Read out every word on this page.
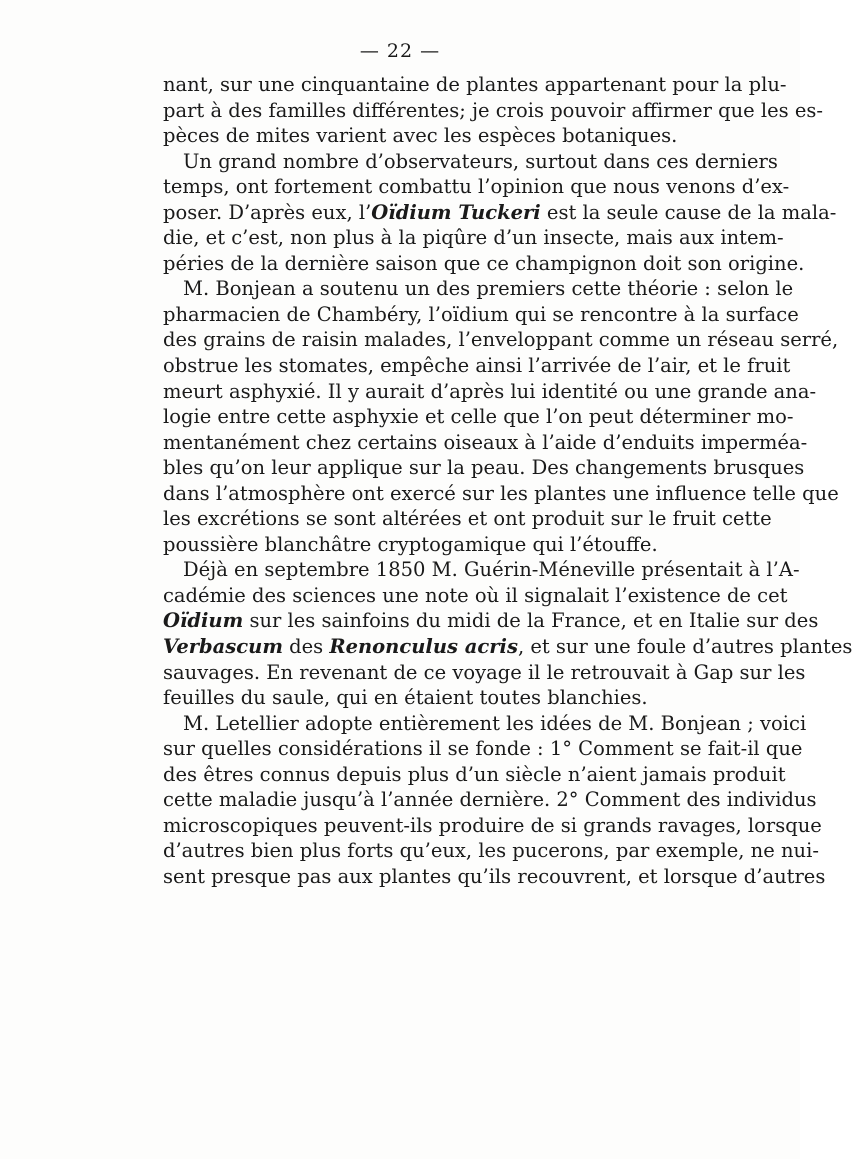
— 22 —
nant, sur une cinquantaine de plantes appartenant pour la plu-
part à des familles différentes; je crois pouvoir affirmer que les es-
pèces de mites varient avec les espèces botaniques.
Un grand nombre d’observateurs, surtout dans ces derniers
temps, ont fortement combattu l’opinion que nous venons d’ex-
poser. D’après eux, l’Oïdium Tuckeri est la seule cause de la mala-
die, et c’est, non plus à la piqûre d’un insecte, mais aux intem-
péries de la dernière saison que ce champignon doit son origine.
M. Bonjean a soutenu un des premiers cette théorie : selon le
pharmacien de Chambéry, l’oïdium qui se rencontre à la surface
des grains de raisin malades, l’enveloppant comme un réseau serré,
obstrue les stomates, empêche ainsi l’arrivée de l’air, et le fruit
meurt asphyxié. Il y aurait d’après lui identité ou une grande ana-
logie entre cette asphyxie et celle que l’on peut déterminer mo-
mentanément chez certains oiseaux à l’aide d’enduits imperméa-
bles qu’on leur applique sur la peau. Des changements brusques
dans l’atmosphère ont exercé sur les plantes une influence telle que
les excrétions se sont altérées et ont produit sur le fruit cette
poussière blanchâtre cryptogamique qui l’étouffe.
Déjà en septembre 1850 M. Guérin-Méneville présentait à l’A-
cadémie des sciences une note où il signalait l’existence de cet
Oïdium sur les sainfoins du midi de la France, et en Italie sur des
Verbascum des Renonculus acris, et sur une foule d’autres plantes
sauvages. En revenant de ce voyage il le retrouvait à Gap sur les
feuilles du saule, qui en étaient toutes blanchies.
M. Letellier adopte entièrement les idées de M. Bonjean ; voici
sur quelles considérations il se fonde : 1° Comment se fait-il que
des êtres connus depuis plus d’un siècle n’aient jamais produit
cette maladie jusqu’à l’année dernière. 2° Comment des individus
microscopiques peuvent-ils produire de si grands ravages, lorsque
d’autres bien plus forts qu’eux, les pucerons, par exemple, ne nui-
sent presque pas aux plantes qu’ils recouvrent, et lorsque d’autres
